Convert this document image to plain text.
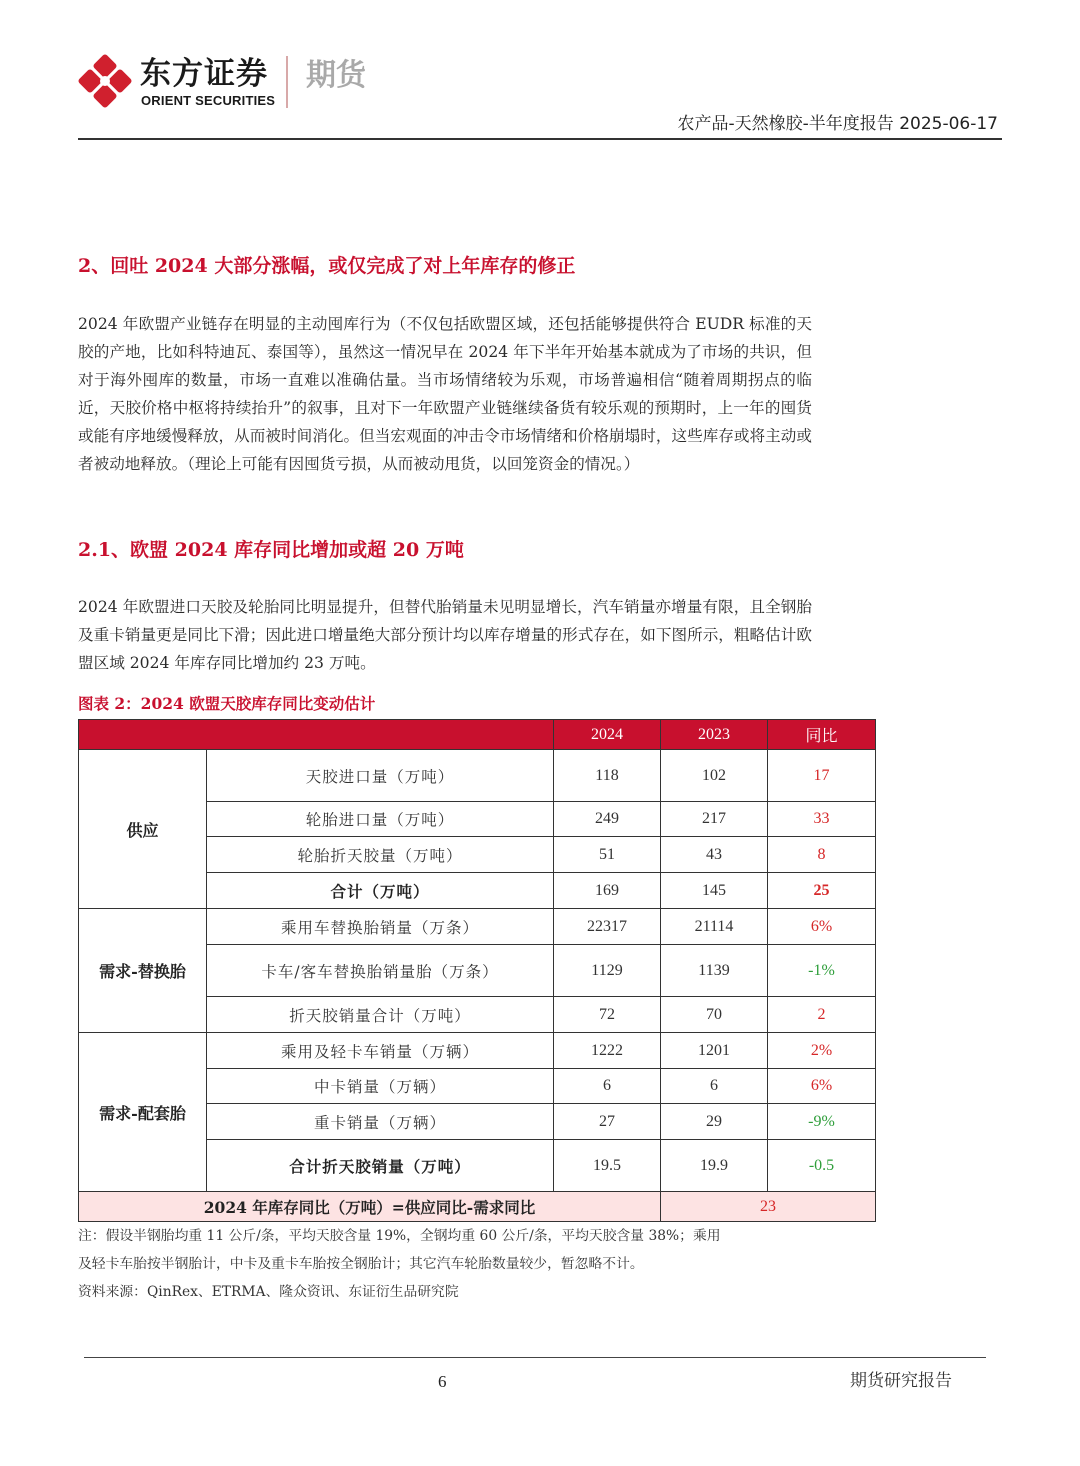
东方证券
ORIENT SECURITIES
期货
农产品-天然橡胶-半年度报告 2025-06-17
2、回吐 2024 大部分涨幅，或仅完成了对上年库存的修正

2024 年欧盟产业链存在明显的主动囤库行为（不仅包括欧盟区域，还包括能够提供符合 EUDR 标准的天胶的产地，比如科特迪瓦、泰国等），虽然这一情况早在 2024 年下半年开始基本就成为了市场的共识，但对于海外囤库的数量，市场一直难以准确估量。当市场情绪较为乐观，市场普遍相信“随着周期拐点的临近，天胶价格中枢将持续抬升”的叙事，且对下一年欧盟产业链继续备货有较乐观的预期时，上一年的囤货或能有序地缓慢释放，从而被时间消化。但当宏观面的冲击令市场情绪和价格崩塌时，这些库存或将主动或者被动地释放。（理论上可能有因囤货亏损，从而被动甩货，以回笼资金的情况。）

2.1、欧盟 2024 库存同比增加或超 20 万吨

2024 年欧盟进口天胶及轮胎同比明显提升，但替代胎销量未见明显增长，汽车销量亦增量有限，且全钢胎及重卡销量更是同比下滑；因此进口增量绝大部分预计均以库存增量的形式存在，如下图所示，粗略估计欧盟区域 2024 年库存同比增加约 23 万吨。

图表 2：2024 欧盟天胶库存同比变动估计
		2024	2023	同比
供应	天胶进口量（万吨）	118	102	17
	轮胎进口量（万吨）	249	217	33
	轮胎折天胶量（万吨）	51	43	8
	合计（万吨）	169	145	25
需求-替换胎	乘用车替换胎销量（万条）	22317	21114	6%
	卡车/客车替换胎销量胎（万条）	1129	1139	-1%
	折天胶销量合计（万吨）	72	70	2
需求-配套胎	乘用及轻卡车销量（万辆）	1222	1201	2%
	中卡销量（万辆）	6	6	6%
	重卡销量（万辆）	27	29	-9%
	合计折天胶销量（万吨）	19.5	19.9	-0.5
2024 年库存同比（万吨）=供应同比-需求同比			23	

注：假设半钢胎均重 11 公斤/条，平均天胶含量 19%，全钢均重 60 公斤/条，平均天胶含量 38%；乘用

及轻卡车胎按半钢胎计，中卡及重卡车胎按全钢胎计；其它汽车轮胎数量较少，暂忽略不计。

资料来源：QinRex、ETRMA、隆众资讯、东证衍生品研究院

6	期货研究报告
